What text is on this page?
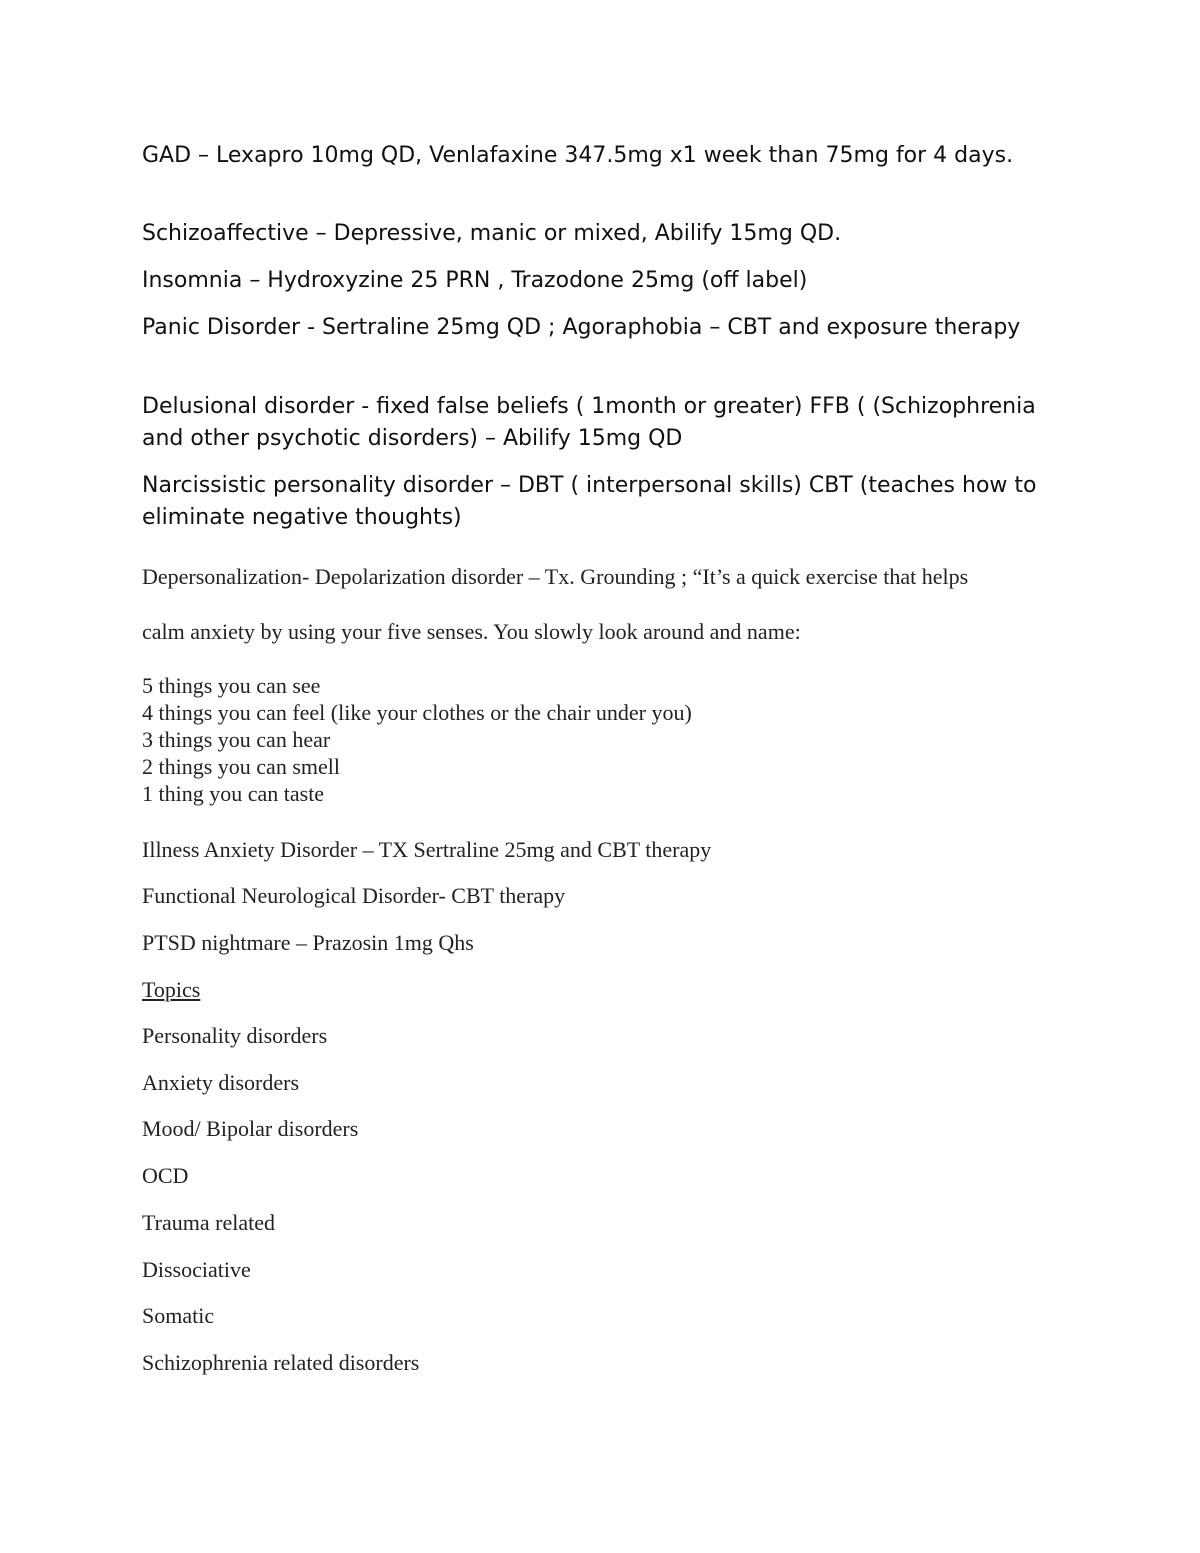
GAD – Lexapro 10mg QD, Venlafaxine 347.5mg x1 week than 75mg for 4 days.

Schizoaffective – Depressive, manic or mixed, Abilify 15mg QD.

Insomnia – Hydroxyzine 25 PRN , Trazodone 25mg (off label)

Panic Disorder - Sertraline 25mg QD ; Agoraphobia – CBT and exposure therapy

Delusional disorder - fixed false beliefs ( 1month or greater) FFB ( (Schizophrenia and other psychotic disorders) – Abilify 15mg QD

Narcissistic personality disorder – DBT ( interpersonal skills) CBT (teaches how to eliminate negative thoughts)

Depersonalization- Depolarization disorder – Tx. Grounding ; “It’s a quick exercise that helps

calm anxiety by using your five senses. You slowly look around and name:

5 things you can see

4 things you can feel (like your clothes or the chair under you)

3 things you can hear

2 things you can smell

1 thing you can taste

Illness Anxiety Disorder – TX Sertraline 25mg and CBT therapy

Functional Neurological Disorder- CBT therapy

PTSD nightmare – Prazosin 1mg Qhs

Topics

Personality disorders

Anxiety disorders

Mood/ Bipolar disorders

OCD

Trauma related

Dissociative

Somatic

Schizophrenia related disorders
